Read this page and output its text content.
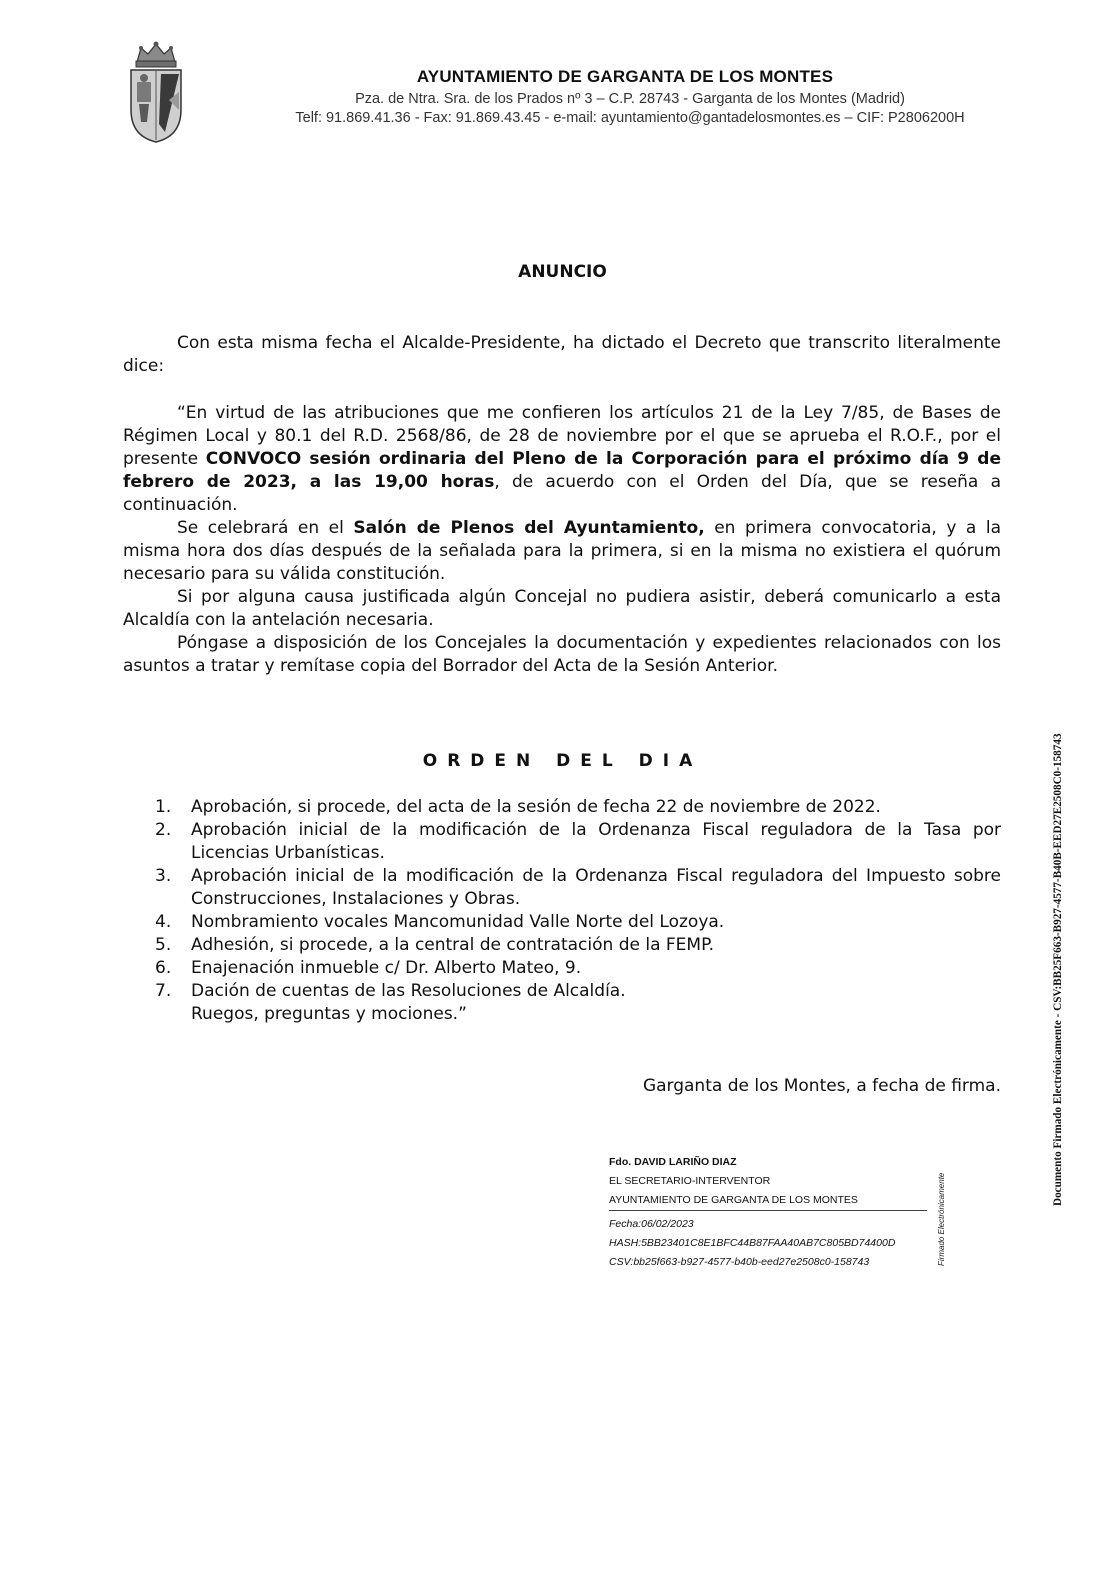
AYUNTAMIENTO DE GARGANTA DE LOS MONTES
Pza. de Ntra. Sra. de los Prados nº 3 – C.P. 28743 - Garganta de los Montes (Madrid)
Telf: 91.869.41.36 - Fax: 91.869.43.45 - e-mail: ayuntamiento@gantadelosmontes.es – CIF: P2806200H
ANUNCIO

Con esta misma fecha el Alcalde-Presidente, ha dictado el Decreto que transcrito literalmente dice:

“En virtud de las atribuciones que me confieren los artículos 21 de la Ley 7/85, de Bases de Régimen Local y 80.1 del R.D. 2568/86, de 28 de noviembre por el que se aprueba el R.O.F., por el presente CONVOCO sesión ordinaria del Pleno de la Corporación para el próximo día 9 de febrero de 2023, a las 19,00 horas, de acuerdo con el Orden del Día, que se reseña a continuación.

Se celebrará en el Salón de Plenos del Ayuntamiento, en primera convocatoria, y a la misma hora dos días después de la señalada para la primera, si en la misma no existiera el quórum necesario para su válida constitución.

Si por alguna causa justificada algún Concejal no pudiera asistir, deberá comunicarlo a esta Alcaldía con la antelación necesaria.

Póngase a disposición de los Concejales la documentación y expedientes relacionados con los asuntos a tratar y remítase copia del Borrador del Acta de la Sesión Anterior.

ORDEN DEL DIA
1. Aprobación, si procede, del acta de la sesión de fecha 22 de noviembre de 2022.
2. Aprobación inicial de la modificación de la Ordenanza Fiscal reguladora de la Tasa por Licencias Urbanísticas.
3. Aprobación inicial de la modificación de la Ordenanza Fiscal reguladora del Impuesto sobre Construcciones, Instalaciones y Obras.
4. Nombramiento vocales Mancomunidad Valle Norte del Lozoya.
5. Adhesión, si procede, a la central de contratación de la FEMP.
6. Enajenación inmueble c/ Dr. Alberto Mateo, 9.
7. Dación de cuentas de las Resoluciones de Alcaldía.
Ruegos, preguntas y mociones.”
Garganta de los Montes, a fecha de firma.
Fdo. DAVID LARIÑO DIAZ
EL SECRETARIO-INTERVENTOR
AYUNTAMIENTO DE GARGANTA DE LOS MONTES
Fecha:06/02/2023
HASH:5BB23401C8E1BFC44B87FAA40AB7C805BD74400D
CSV:bb25f663-b927-4577-b40b-eed27e2508c0-158743	Firmado Electrónicamente
Documento Firmado Electrónicamente - CSV:BB25F663-B927-4577-B40B-EED27E2508C0-158743
